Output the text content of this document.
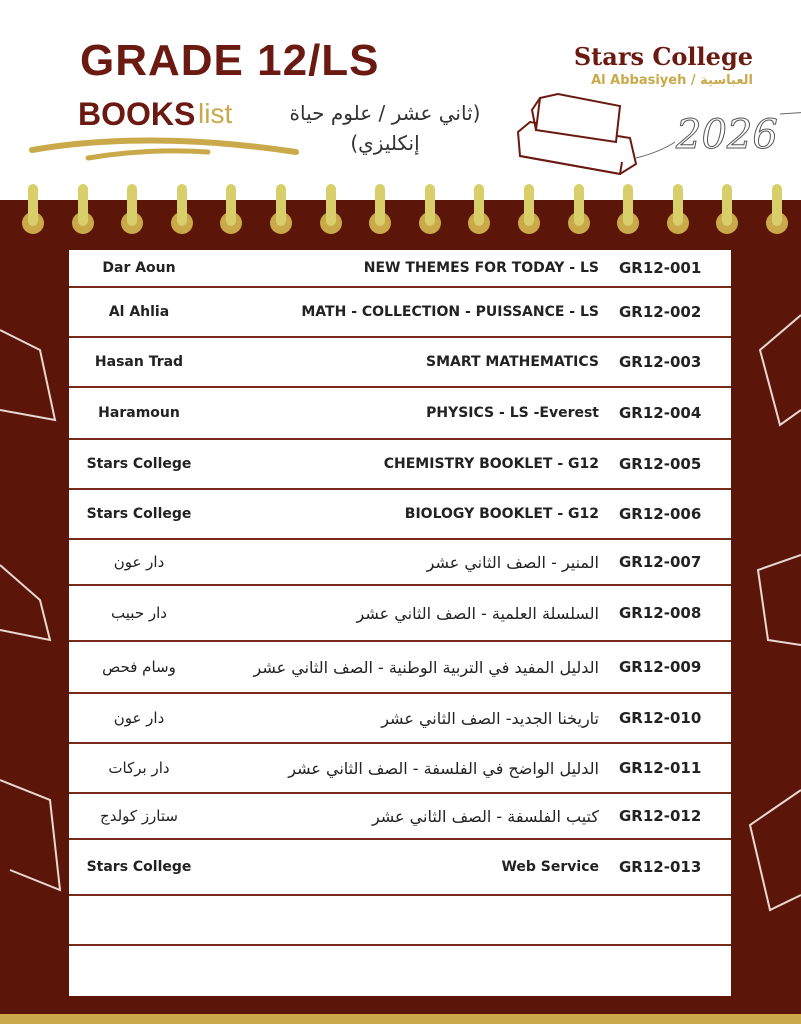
GRADE 12/LS
BOOKS list	(ثاني عشر / علوم حياة إنكليزي)
Stars College
Al Abbasiyeh / العباسية
2026
Dar Aoun	NEW THEMES FOR TODAY - LS	GR12-001
Al Ahlia	MATH - COLLECTION - PUISSANCE - LS	GR12-002
Hasan Trad	SMART MATHEMATICS	GR12-003
Haramoun	PHYSICS - LS -Everest	GR12-004
Stars College	CHEMISTRY BOOKLET - G12	GR12-005
Stars College	BIOLOGY BOOKLET - G12	GR12-006
دار عون	المنير - الصف الثاني عشر	GR12-007
دار حبيب	السلسلة العلمية - الصف الثاني عشر	GR12-008
وسام فحص	الدليل المفيد في التربية الوطنية - الصف الثاني عشر	GR12-009
دار عون	تاريخنا الجديد- الصف الثاني عشر	GR12-010
دار بركات	الدليل الواضح في الفلسفة - الصف الثاني عشر	GR12-011
ستارز كولدج	كتيب الفلسفة - الصف الثاني عشر	GR12-012
Stars College	Web Service	GR12-013
